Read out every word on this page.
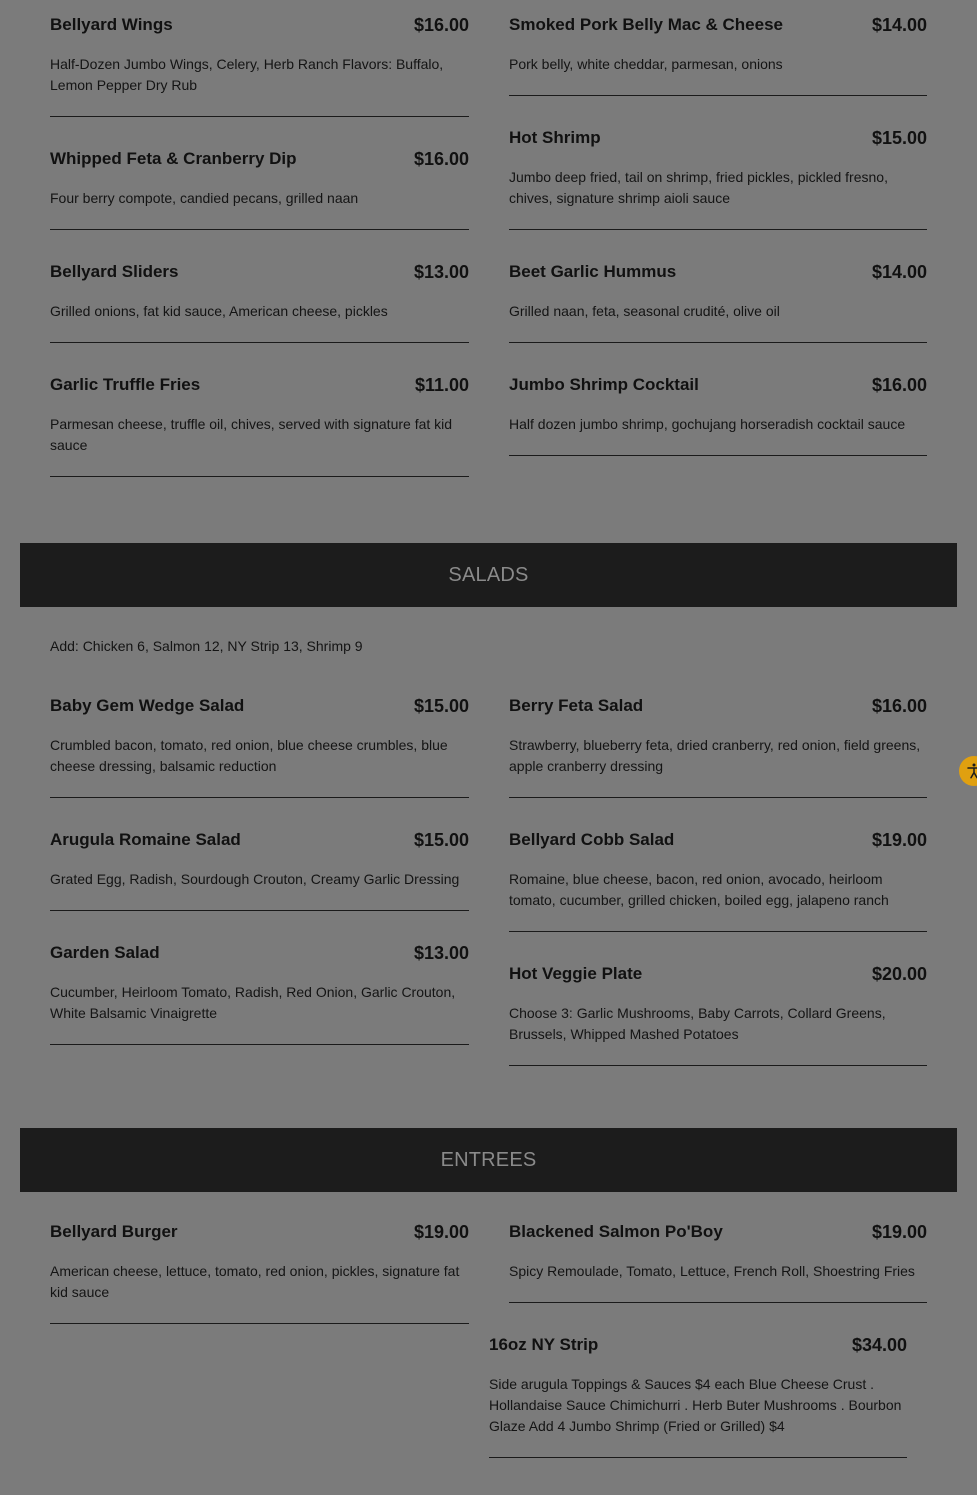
Bellyard Wings	$16.00
Half-Dozen Jumbo Wings, Celery, Herb Ranch Flavors: Buffalo, Lemon Pepper Dry Rub
Smoked Pork Belly Mac & Cheese	$14.00
Pork belly, white cheddar, parmesan, onions
Whipped Feta & Cranberry Dip	$16.00
Four berry compote, candied pecans, grilled naan
Hot Shrimp	$15.00
Jumbo deep fried, tail on shrimp, fried pickles, pickled fresno, chives, signature shrimp aioli sauce
Bellyard Sliders	$13.00
Grilled onions, fat kid sauce, American cheese, pickles
Beet Garlic Hummus	$14.00
Grilled naan, feta, seasonal crudité, olive oil
Garlic Truffle Fries	$11.00
Parmesan cheese, truffle oil, chives, served with signature fat kid sauce
Jumbo Shrimp Cocktail	$16.00
Half dozen jumbo shrimp, gochujang horseradish cocktail sauce
SALADS
Add: Chicken 6, Salmon 12, NY Strip 13, Shrimp 9
Baby Gem Wedge Salad	$15.00
Crumbled bacon, tomato, red onion, blue cheese crumbles, blue cheese dressing, balsamic reduction
Berry Feta Salad	$16.00
Strawberry, blueberry feta, dried cranberry, red onion, field greens, apple cranberry dressing
Arugula Romaine Salad	$15.00
Grated Egg, Radish, Sourdough Crouton, Creamy Garlic Dressing
Bellyard Cobb Salad	$19.00
Romaine, blue cheese, bacon, red onion, avocado, heirloom tomato, cucumber, grilled chicken, boiled egg, jalapeno ranch
Garden Salad	$13.00
Cucumber, Heirloom Tomato, Radish, Red Onion, Garlic Crouton, White Balsamic Vinaigrette
Hot Veggie Plate	$20.00
Choose 3: Garlic Mushrooms, Baby Carrots, Collard Greens, Brussels, Whipped Mashed Potatoes
ENTREES
Bellyard Burger	$19.00
American cheese, lettuce, tomato, red onion, pickles, signature fat kid sauce
Blackened Salmon Po'Boy	$19.00
Spicy Remoulade, Tomato, Lettuce, French Roll, Shoestring Fries
16oz NY Strip	$34.00
Side arugula Toppings & Sauces $4 each Blue Cheese Crust . Hollandaise Sauce Chimichurri . Herb Buter Mushrooms . Bourbon Glaze Add 4 Jumbo Shrimp (Fried or Grilled) $4
